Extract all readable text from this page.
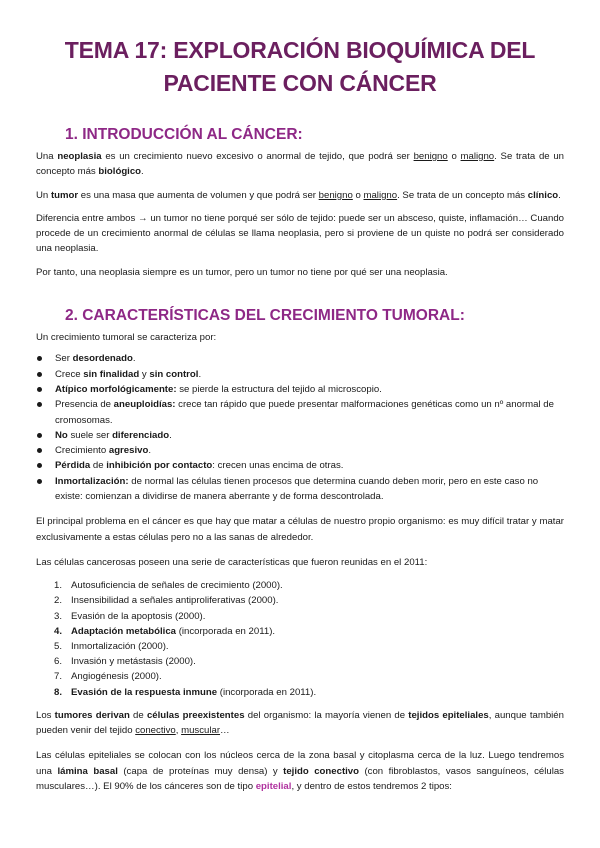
TEMA 17: EXPLORACIÓN BIOQUÍMICA DEL
PACIENTE CON CÁNCER
1. INTRODUCCIÓN AL CÁNCER:

Una neoplasia es un crecimiento nuevo excesivo o anormal de tejido, que podrá ser benigno o maligno. Se trata de un concepto más biológico.

Un tumor es una masa que aumenta de volumen y que podrá ser benigno o maligno. Se trata de un concepto más clínico.

Diferencia entre ambos → un tumor no tiene porqué ser sólo de tejido: puede ser un absceso, quiste, inflamación… Cuando procede de un crecimiento anormal de células se llama neoplasia, pero si proviene de un quiste no podrá ser considerado una neoplasia.

Por tanto, una neoplasia siempre es un tumor, pero un tumor no tiene por qué ser una neoplasia.

2. CARACTERÍSTICAS DEL CRECIMIENTO TUMORAL:

Un crecimiento tumoral se caracteriza por:

Ser desordenado.
Crece sin finalidad y sin control.
Atípico morfológicamente: se pierde la estructura del tejido al microscopio.
Presencia de aneuploidías: crece tan rápido que puede presentar malformaciones genéticas como un nº anormal de cromosomas.
No suele ser diferenciado.
Crecimiento agresivo.
Pérdida de inhibición por contacto: crecen unas encima de otras.
Inmortalización: de normal las células tienen procesos que determina cuando deben morir, pero en este caso no existe: comienzan a dividirse de manera aberrante y de forma descontrolada.

El principal problema en el cáncer es que hay que matar a células de nuestro propio organismo: es muy difícil tratar y matar exclusivamente a estas células pero no a las sanas de alrededor.

Las células cancerosas poseen una serie de características que fueron reunidas en el 2011:

1. Autosuficiencia de señales de crecimiento (2000).
2. Insensibilidad a señales antiproliferativas (2000).
3. Evasión de la apoptosis (2000).
4. Adaptación metabólica (incorporada en 2011).
5. Inmortalización (2000).
6. Invasión y metástasis (2000).
7. Angiogénesis (2000).
8. Evasión de la respuesta inmune (incorporada en 2011).

Los tumores derivan de células preexistentes del organismo: la mayoría vienen de tejidos epiteliales, aunque también pueden venir del tejido conectivo, muscular…

Las células epiteliales se colocan con los núcleos cerca de la zona basal y citoplasma cerca de la luz. Luego tendremos una lámina basal (capa de proteínas muy densa) y tejido conectivo (con fibroblastos, vasos sanguíneos, células musculares…). El 90% de los cánceres son de tipo epitelial, y dentro de estos tendremos 2 tipos:
